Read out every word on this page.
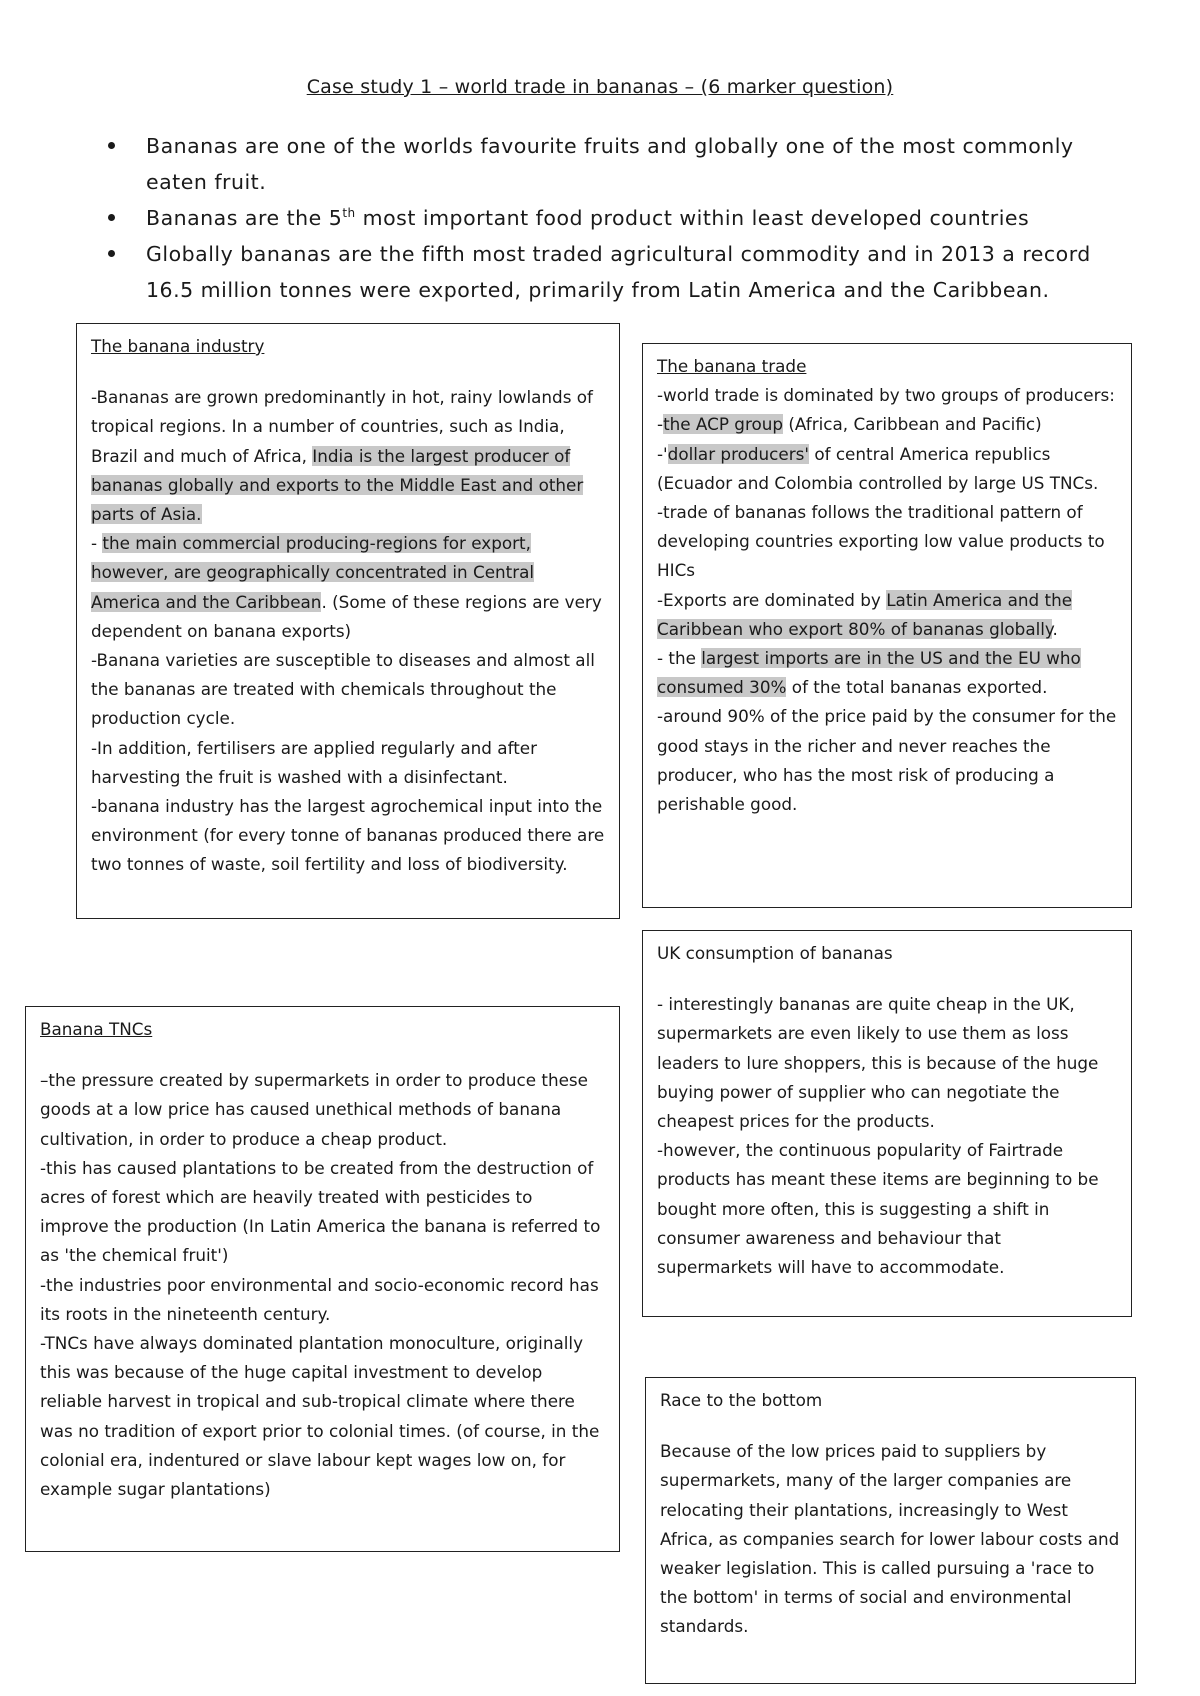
Case study 1 – world trade in bananas – (6 marker question)
Bananas are one of the worlds favourite fruits and globally one of the most commonly eaten fruit.
Bananas are the 5th most important food product within least developed countries
Globally bananas are the fifth most traded agricultural commodity and in 2013 a record 16.5 million tonnes were exported, primarily from Latin America and the Caribbean.
The banana industry

-Bananas are grown predominantly in hot, rainy lowlands of tropical regions. In a number of countries, such as India, Brazil and much of Africa, India is the largest producer of bananas globally and exports to the Middle East and other parts of Asia.

- the main commercial producing-regions for export, however, are geographically concentrated in Central America and the Caribbean. (Some of these regions are very dependent on banana exports)

-Banana varieties are susceptible to diseases and almost all the bananas are treated with chemicals throughout the production cycle.

-In addition, fertilisers are applied regularly and after harvesting the fruit is washed with a disinfectant.

-banana industry has the largest agrochemical input into the environment (for every tonne of bananas produced there are two tonnes of waste, soil fertility and loss of biodiversity.

The banana trade

-world trade is dominated by two groups of producers:

-the ACP group (Africa, Caribbean and Pacific)

-'dollar producers' of central America republics (Ecuador and Colombia controlled by large US TNCs.

-trade of bananas follows the traditional pattern of developing countries exporting low value products to HICs

-Exports are dominated by Latin America and the Caribbean who export 80% of bananas globally.

- the largest imports are in the US and the EU who consumed 30% of the total bananas exported.

-around 90% of the price paid by the consumer for the good stays in the richer and never reaches the producer, who has the most risk of producing a perishable good.

UK consumption of bananas

- interestingly bananas are quite cheap in the UK, supermarkets are even likely to use them as loss leaders to lure shoppers, this is because of the huge buying power of supplier who can negotiate the cheapest prices for the products.

-however, the continuous popularity of Fairtrade products has meant these items are beginning to be bought more often, this is suggesting a shift in consumer awareness and behaviour that supermarkets will have to accommodate.

Banana TNCs

–the pressure created by supermarkets in order to produce these goods at a low price has caused unethical methods of banana cultivation, in order to produce a cheap product.

-this has caused plantations to be created from the destruction of acres of forest which are heavily treated with pesticides to improve the production (In Latin America the banana is referred to as 'the chemical fruit')

-the industries poor environmental and socio-economic record has its roots in the nineteenth century.

-TNCs have always dominated plantation monoculture, originally this was because of the huge capital investment to develop reliable harvest in tropical and sub-tropical climate where there was no tradition of export prior to colonial times. (of course, in the colonial era, indentured or slave labour kept wages low on, for example sugar plantations)

Race to the bottom

Because of the low prices paid to suppliers by supermarkets, many of the larger companies are relocating their plantations, increasingly to West Africa, as companies search for lower labour costs and weaker legislation. This is called pursuing a 'race to the bottom' in terms of social and environmental standards.
